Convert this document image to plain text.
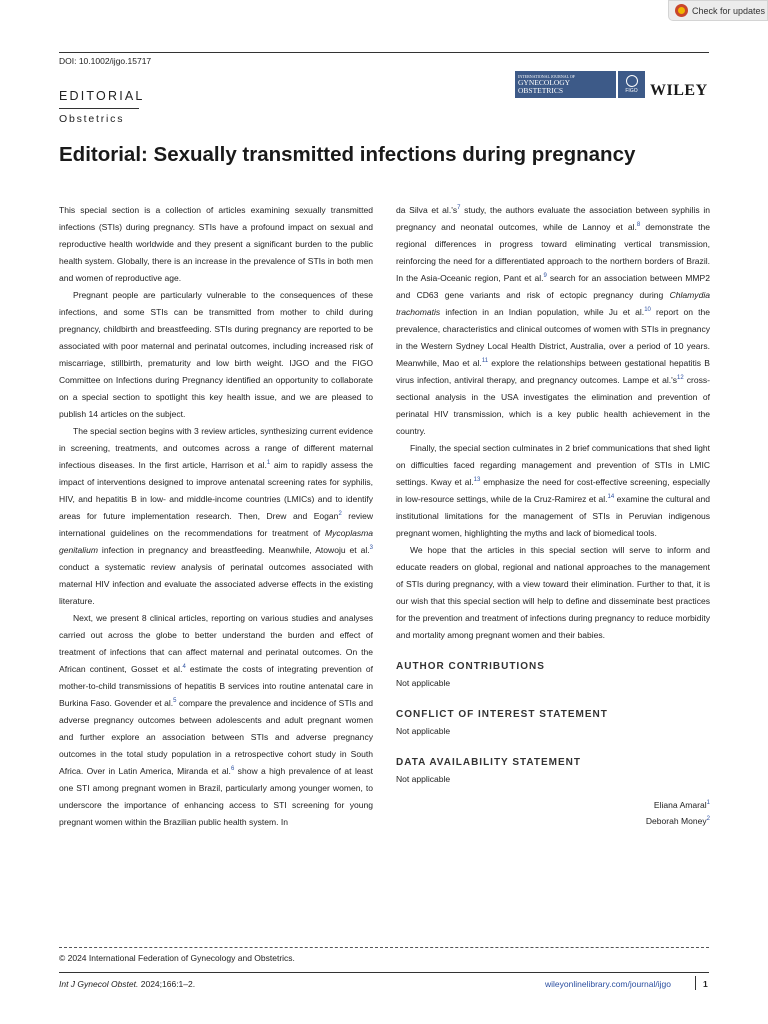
Check for updates
DOI: 10.1002/ijgo.15717
EDITORIAL
Obstetrics
INTERNATIONAL JOURNAL OF
GYNECOLOGY
OBSTETRICS	FIGO WILEY
Editorial: Sexually transmitted infections during pregnancy

This special section is a collection of articles examining sexually transmitted infections (STIs) during pregnancy. STIs have a profound impact on sexual and reproductive health worldwide and they present a significant burden to the public health system. Globally, there is an increase in the prevalence of STIs in both men and women of reproductive age.

Pregnant people are particularly vulnerable to the consequences of these infections, and some STIs can be transmitted from mother to child during pregnancy, childbirth and breastfeeding. STIs during pregnancy are reported to be associated with poor maternal and perinatal outcomes, including increased risk of miscarriage, stillbirth, prematurity and low birth weight. IJGO and the FIGO Committee on Infections during Pregnancy identified an opportunity to collaborate on a special section to spotlight this key health issue, and we are pleased to publish 14 articles on the subject.

The special section begins with 3 review articles, synthesizing current evidence in screening, treatments, and outcomes across a range of different maternal infectious diseases. In the first article, Harrison et al.$^1$ aim to rapidly assess the impact of interventions designed to improve antenatal screening rates for syphilis, HIV, and hepatitis B in low- and middle-income countries (LMICs) and to identify areas for future implementation research. Then, Drew and Eogan$^2$ review international guidelines on the recommendations for treatment of Mycoplasma genitalium infection in pregnancy and breastfeeding. Meanwhile, Atowoju et al.$^3$ conduct a systematic review analysis of perinatal outcomes associated with maternal HIV infection and evaluate the associated adverse effects in the existing literature.

Next, we present 8 clinical articles, reporting on various studies and analyses carried out across the globe to better understand the burden and effect of treatment of infections that can affect maternal and perinatal outcomes. On the African continent, Gosset et al.$^4$ estimate the costs of integrating prevention of mother-to-child transmissions of hepatitis B services into routine antenatal care in Burkina Faso. Govender et al.$^5$ compare the prevalence and incidence of STIs and adverse pregnancy outcomes between adolescents and adult pregnant women and further explore an association between STIs and adverse pregnancy outcomes in the total study population in a retrospective cohort study in South Africa. Over in Latin America, Miranda et al.$^6$ show a high prevalence of at least one STI among pregnant women in Brazil, particularly among younger women, to underscore the importance of enhancing access to STI screening for young pregnant women within the Brazilian public health system. In

da Silva et $al.'s^7$ study, the authors evaluate the association between syphilis in pregnancy and neonatal outcomes, while de Lannoy et al.$^8$ demonstrate the regional differences in progress toward eliminating vertical transmission, reinforcing the need for a differentiated approach to the northern borders of Brazil. In the Asia-Oceanic region, Pant et al.$^9$ search for an association between MMP2 and CD63 gene variants and risk of ectopic pregnancy during Chlamydia trachomatis infection in an Indian population, while Ju et al.$^{10}$ report on the prevalence, characteristics and clinical outcomes of women with STIs in pregnancy in the Western Sydney Local Health District, Australia, over a period of 10 years. Meanwhile, Mao et al.$^{11}$ explore the relationships between gestational hepatitis B virus infection, antiviral therapy, and pregnancy outcomes. Lampe et $al.'s^{12}$ cross-sectional analysis in the USA investigates the elimination and prevention of perinatal HIV transmission, which is a key public health achievement in the country.

Finally, the special section culminates in 2 brief communications that shed light on difficulties faced regarding management and prevention of STIs in LMIC settings. Kway et al.$^{13}$ emphasize the need for cost-effective screening, especially in low-resource settings, while de la Cruz-Ramirez et al.$^{14}$ examine the cultural and institutional limitations for the management of STIs in Peruvian indigenous pregnant women, highlighting the myths and lack of biomedical tools.

We hope that the articles in this special section will serve to inform and educate readers on global, regional and national approaches to the management of STIs during pregnancy, with a view toward their elimination. Further to that, it is our wish that this special section will help to define and disseminate best practices for the prevention and treatment of infections during pregnancy to reduce morbidity and mortality among pregnant women and their babies.

AUTHOR CONTRIBUTIONS

Not applicable

CONFLICT OF INTEREST STATEMENT

Not applicable

DATA AVAILABILITY STATEMENT

Not applicable

Eliana Amaral$^1$
Deborah Money$^2$
© 2024 International Federation of Gynecology and Obstetrics.
Int J Gynecol Obstet. 2024;166:1–2.	wileyonlinelibrary.com/journal/ijgo	1
